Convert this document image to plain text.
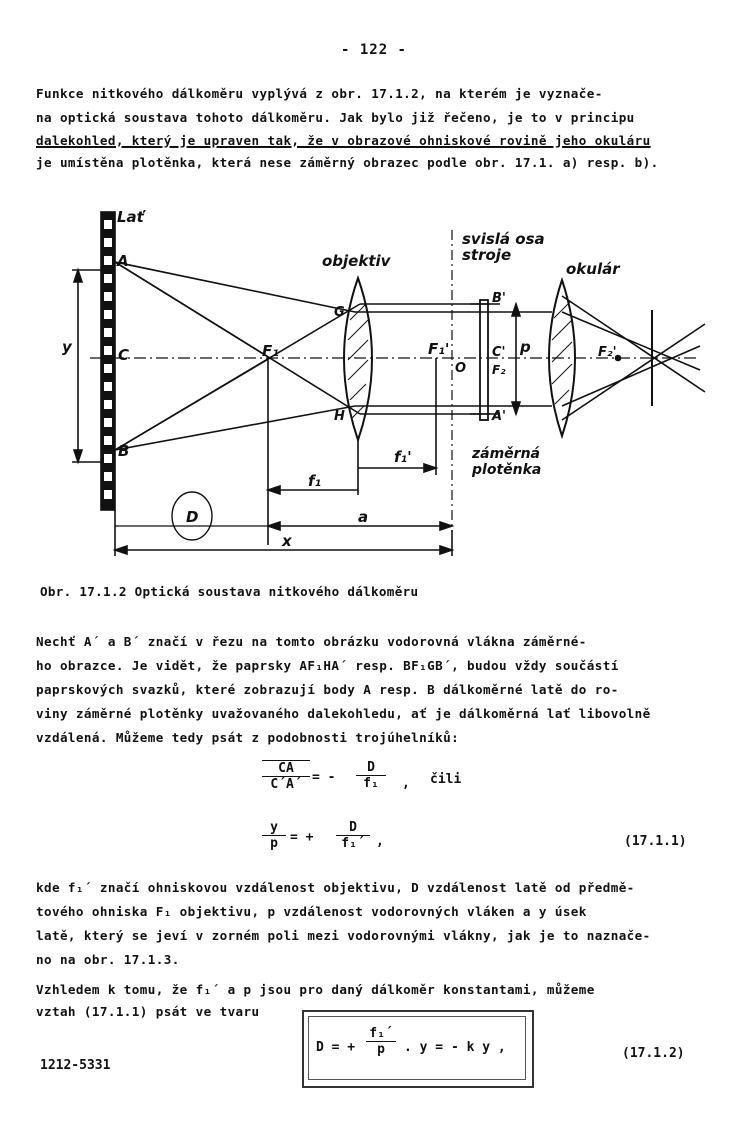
- 122 -
Funkce nitkového dálkoměru vyplývá z obr. 17.1.2, na kterém je vyznače-
na optická soustava tohoto dálkoměru. Jak bylo již řečeno, je to v principu
dalekohled, který je upraven tak, že v obrazové ohniskové rovině jeho okuláru
je umístěna plotěnka, která nese záměrný obrazec podle obr. 17.1. a) resp. b).
Lať
A
C
B
y	F₁
objektiv
G
H
F₁'
O
svislá osa
stroje
B'
C'
A'
p
F₂
okulár
F₂'
f₁'
f₁
záměrná
plotěnka
D	a
x
Obr. 17.1.2 Optická soustava nitkového dálkoměru
Nechť A´ a B´ značí v řezu na tomto obrázku vodorovná vlákna záměrné-
ho obrazce. Je vidět, že paprsky AF₁HA´ resp. BF₁GB´, budou vždy součástí
paprskových svazků, které zobrazují body A resp. B dálkoměrné latě do ro-
viny záměrné plotěnky uvažovaného dalekohledu, ať je dálkoměrná lať libovolně
vzdálená. Můžeme tedy psát z podobnosti trojúhelníků:
$\frac{CA}{C´A´}$ = - $\frac{D}{\text{f₁}}$ , čili
$\frac{y}{p}$ = + $\frac{D}{\text{f₁´}}$ ,	(17.1.1)
kde f₁´ značí ohniskovou vzdálenost objektivu, D vzdálenost latě od předmě-
tového ohniska F₁ objektivu, p vzdálenost vodorovných vláken a y úsek
latě, který se jeví v zorném poli mezi vodorovnými vlákny, jak je to naznače-
no na obr. 17.1.3.
Vzhledem k tomu, že f₁´ a p jsou pro daný dálkoměr konstantami, můžeme
vztah (17.1.1) psát ve tvaru
D = + $\frac{\text{f₁´}}{p}$ . y = - k y ,	(17.1.2)
1212-5331
